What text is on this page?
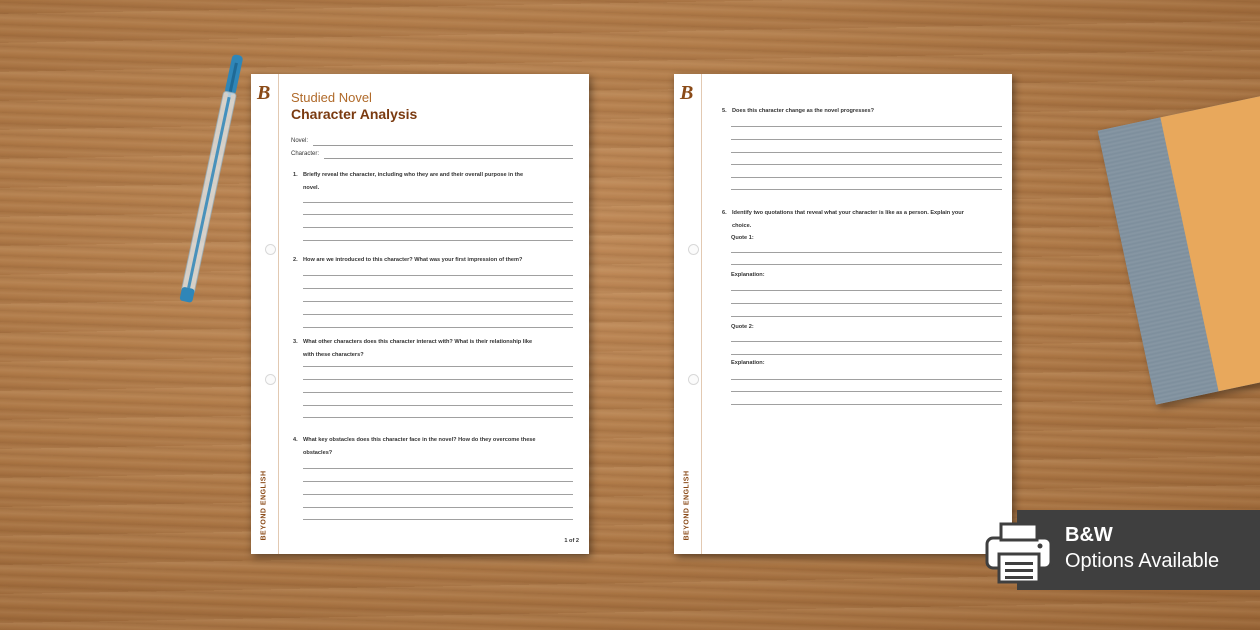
B
BEYOND ENGLISH
Studied Novel
Character Analysis
Novel:
Character:
1. Briefly reveal the character, including who they are and their overall purpose in the
novel.
2. How are we introduced to this character? What was your first impression of them?
3. What other characters does this character interact with? What is their relationship like
with these characters?
4. What key obstacles does this character face in the novel? How do they overcome these
obstacles?
1 of 2
B
BEYOND ENGLISH
5. Does this character change as the novel progresses?
6. Identify two quotations that reveal what your character is like as a person. Explain your
choice.
Quote 1:
Explanation:
Quote 2:
Explanation:
B&W
Options Available
